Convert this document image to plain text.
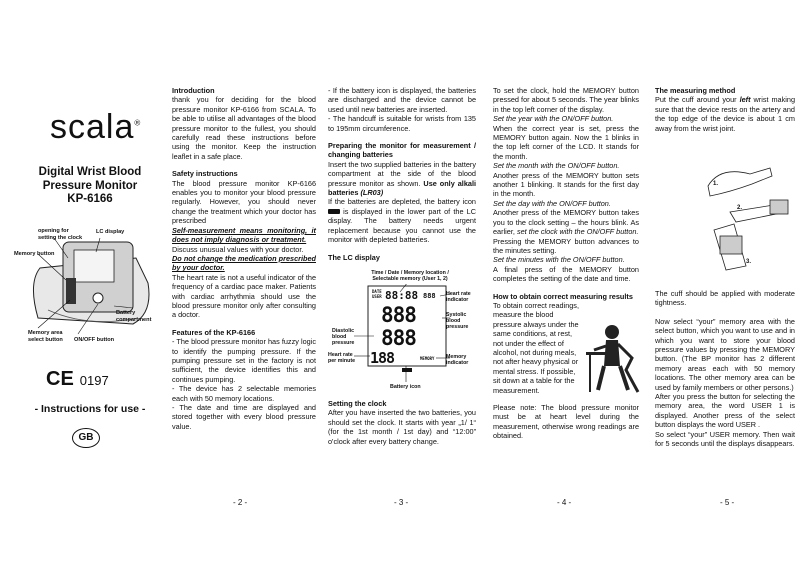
scala®
Digital Wrist Blood
Pressure Monitor
KP-6166
opening for
setting the clock
LC display
Memory button
Battery
compartment
Memory area
select button ON/OFF button
CE 0197
- Instructions for use -
GB

Introduction

thank you for deciding for the blood pressure monitor KP-6166 from SCALA. To be able to utilise all advantages of the blood pressure monitor to the fullest, you should carefully read these instructions before using the monitor. Keep the instruction leaflet in a safe place.

Safety instructions

The blood pressure monitor KP-6166 enables you to monitor your blood pressure regularly. However, you should never change the treatment which your doctor has prescribed

Self-measurement means monitoring, it does not imply diagnosis or treatment.

Discuss unusual values with your doctor.

Do not change the medication prescribed by your doctor.

The heart rate is not a useful indicator of the frequency of a cardiac pace maker. Patients with cardiac arrhythmia should use the blood pressure monitor only after consulting a doctor.

Features of the KP-6166

- The blood pressure monitor has fuzzy logic to identify the pumping pressure. If the pumping pressure set in the factory is not sufficient, the device identifies this and continues pumping.

- The device has 2 selectable memories each with 50 memory locations.

- The date and time are displayed and stored together with every blood pressure value.

- If the battery icon is displayed, the batteries are discharged and the device cannot be used until new batteries are inserted.

- The handcuff is suitable for wrists from 135 to 195mm circumference.

Preparing the monitor for measurement / changing batteries

Insert the two supplied batteries in the battery compartment at the side of the blood pressure monitor as shown. Use only alkali batteries (LR03)

If the batteries are depleted, the battery icon  is displayed in the lower part of the LC display. The battery needs urgent replacement because you cannot use the monitor with depleted batteries.

The LC display

Time / Date / Memory location /
Selectable memory (User 1, 2)
DATE
USER 88:88 888
888
888
188	MEMORY
Heart rate
indicator
Systolic
blood
pressure
Diastolic
blood
pressure
Heart rate
per minute
Memory
indicator
Battery icon

Setting the clock

After you have inserted the two batteries, you should set the clock. It starts with year „1/ 1“ (for the 1st month / 1st day) and “12:00” o'clock after every battery change.

To set the clock, hold the MEMORY button pressed for about 5 seconds. The year blinks in the top left corner of the display.

Set the year with the ON/OFF button.

When the correct year is set, press the MEMORY button again. Now the 1 blinks in the top left corner of the LCD. It stands for the month.

Set the month with the ON/OFF button.

Another press of the MEMORY button sets another 1 blinking. It stands for the first day in the month.

Set the day with the ON/OFF button.

Another press of the MEMORY button takes you to the clock setting – the hours blink. As earlier, set the clock with the ON/OFF button.

Pressing the MEMORY button advances to the minutes setting.

Set the minutes with the ON/OFF button.

A final press of the MEMORY button completes the setting of the date and time.

How to obtain correct measuring results

To obtain correct readings, measure the blood pressure always under the same conditions, at rest, not under the effect of alcohol, not during meals, not after heavy physical or mental stress. If possible, sit down at a table for the measurement.

Please note: The blood pressure monitor must be at heart level during the measurement, otherwise wrong readings are obtained.

The measuring method

Put the cuff around your left wrist making sure that the device rests on the artery and the top edge of the device is about 1 cm away from the wrist joint.

1.
2.
3.

The cuff should be applied with moderate tightness.

Now select “your” memory area with the select button, which you want to use and in which you want to store your blood pressure values by pressing the MEMORY button. (The BP monitor has 2 different memory areas each with 50 memory locations. The other memory area can be used by family members or other persons.)

After you press the button for selecting the memory area, the word USER 1 is displayed. Another press of the select button displays the word USER .

So select “your” USER memory. Then wait for 5 seconds until the displays disappears.

- 2 -	- 3 -	- 4 -	- 5 -
